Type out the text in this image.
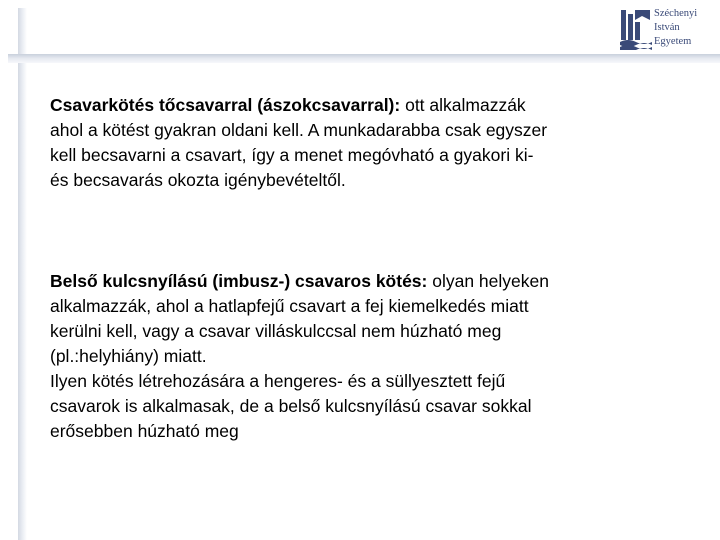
Széchenyi
István
Egyetem
Csavarkötés tőcsavarral (ászokcsavarral): ott alkalmazzák
ahol a kötést gyakran oldani kell. A munkadarabba csak egyszer
kell becsavarni a csavart, így a menet megóvható a gyakori ki-
és becsavarás okozta igénybevételtől.
Belső kulcsnyílású (imbusz-) csavaros kötés: olyan helyeken
alkalmazzák, ahol a hatlapfejű csavart a fej kiemelkedés miatt
kerülni kell, vagy a csavar villáskulccsal nem húzható meg
(pl.:helyhiány) miatt.
Ilyen kötés létrehozására a hengeres- és a süllyesztett fejű
csavarok is alkalmasak, de a belső kulcsnyílású csavar sokkal
erősebben húzható meg
